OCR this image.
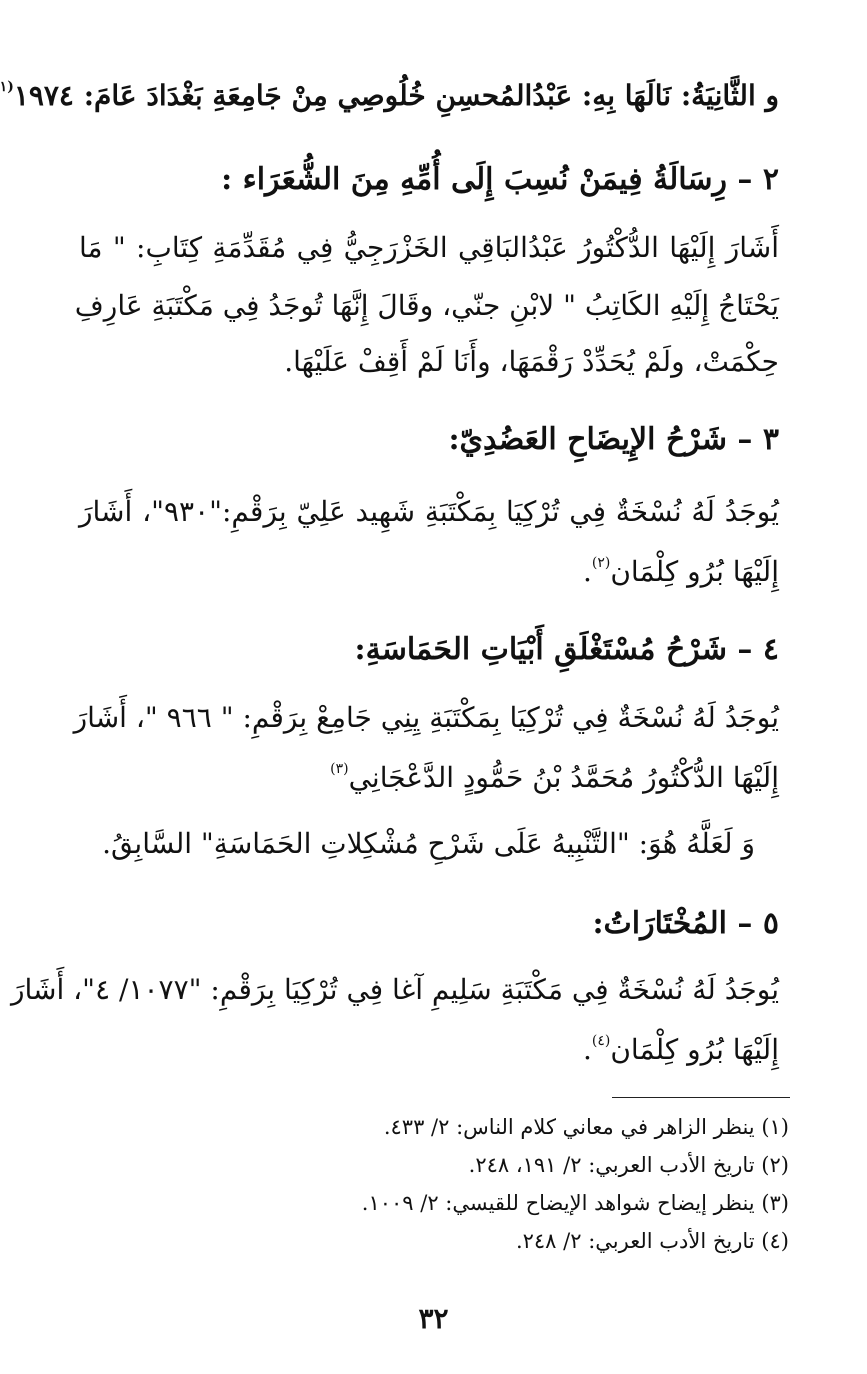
و الثَّانِيَةُ: نَالَهَا بِهِ: عَبْدُالمُحسِنِ خُلُوصِي مِنْ جَامِعَةِ بَغْدَادَ عَامَ: ١٩٧٤$^{(١}$
٢ – رِسَالَةُ فِيمَنْ نُسِبَ إِلَى أُمِّهِ مِنَ الشُّعَرَاء :
أَشَارَ إِلَيْهَا الدُّكْتُورُ عَبْدُالبَاقِي الخَزْرَجِيُّ فِي مُقَدِّمَةِ كِتَابِ: " مَا
يَحْتَاجُ إِلَيْهِ الكَاتِبُ " لابْنِ جنّي، وقَالَ إِنَّهَا تُوجَدُ فِي مَكْتَبَةِ عَارِفِ
حِكْمَتْ، ولَمْ يُحَدِّدْ رَقْمَهَا، وأَنَا لَمْ أَقِفْ عَلَيْهَا.
٣ – شَرْحُ الإِيضَاحِ العَضُدِيّ:
يُوجَدُ لَهُ نُسْخَةٌ فِي تُرْكِيَا بِمَكْتَبَةِ شَهِيد عَلِيّ بِرَقْمِ:"٩٣٠"، أَشَارَ
إِلَيْهَا بُرُو كِلْمَان$^{(٢)}$.
٤ – شَرْحُ مُسْتَغْلَقِ أَبْيَاتِ الحَمَاسَةِ:
يُوجَدُ لَهُ نُسْخَةٌ فِي تُرْكِيَا بِمَكْتَبَةِ يِنِي جَامِعْ بِرَقْمِ: " ٩٦٦ "، أَشَارَ
إِلَيْهَا الدُّكْتُورُ مُحَمَّدُ بْنُ حَمُّودٍ الدَّعْجَانِي$^{(٣)}$
وَ لَعَلَّهُ هُوَ: "التَّنْبِيهُ عَلَى شَرْحِ مُشْكِلاتِ الحَمَاسَةِ" السَّابِقُ.
٥ – المُخْتَارَاتُ:
يُوجَدُ لَهُ نُسْخَةٌ فِي مَكْتَبَةِ سَلِيمِ آغا فِي تُرْكِيَا بِرَقْمِ: "١٠٧٧/ ٤"، أَشَارَ
إِلَيْهَا بُرُو كِلْمَان$^{(٤)}$.
(١) ينظر الزاهر في معاني كلام الناس: ٢/ ٤٣٣.
(٢) تاريخ الأدب العربي: ٢/ ١٩١، ٢٤٨.
(٣) ينظر إيضاح شواهد الإيضاح للقيسي: ٢/ ١٠٠٩.
(٤) تاريخ الأدب العربي: ٢/ ٢٤٨.
٣٢
